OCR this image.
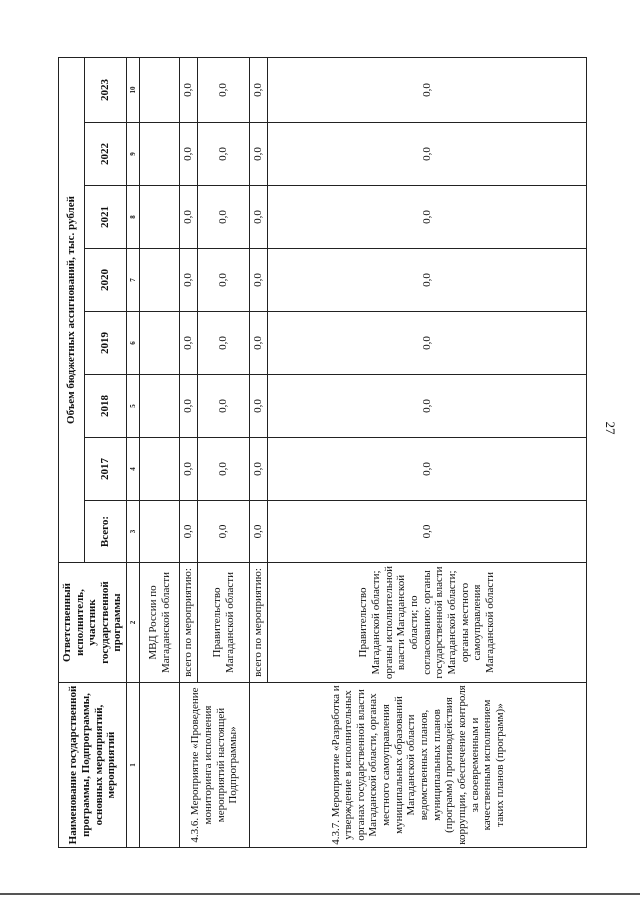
27
Наименование государственной программы, Подпрограммы, основных мероприятий, мероприятий	Ответственный исполнитель, участник государственной программы	Объем бюджетных ассигнований, тыс. рублей							
		Всего:	2017	2018	2019	2020	2021	2022	2023
1	2	3	4	5	6	7	8	9	10
	МВД России по Магаданской области								
4.3.6. Мероприятие «Проведение мониторинга исполнения мероприятий настоящей Подпрограммы»	всего по мероприятию:	0,0	0,0	0,0	0,0	0,0	0,0	0,0	0,0
	Правительство Магаданской области	0,0	0,0	0,0	0,0	0,0	0,0	0,0	0,0
4.3.7. Мероприятие «Разработка и утверждение в исполнительных органах государственной власти Магаданской области, органах местного самоуправления муниципальных образований Магаданской области ведомственных планов, муниципальных планов (программ) противодействия коррупции, обеспечение контроля за своевременным и качественным исполнением таких планов (программ)»	всего по мероприятию:	0,0	0,0	0,0	0,0	0,0	0,0	0,0	0,0
	Правительство Магаданской области; органы исполнительной власти Магаданской области; по согласованию: органы государственной власти Магаданской области; органы местного самоуправления Магаданской области	0,0	0,0	0,0	0,0	0,0	0,0	0,0	0,0
